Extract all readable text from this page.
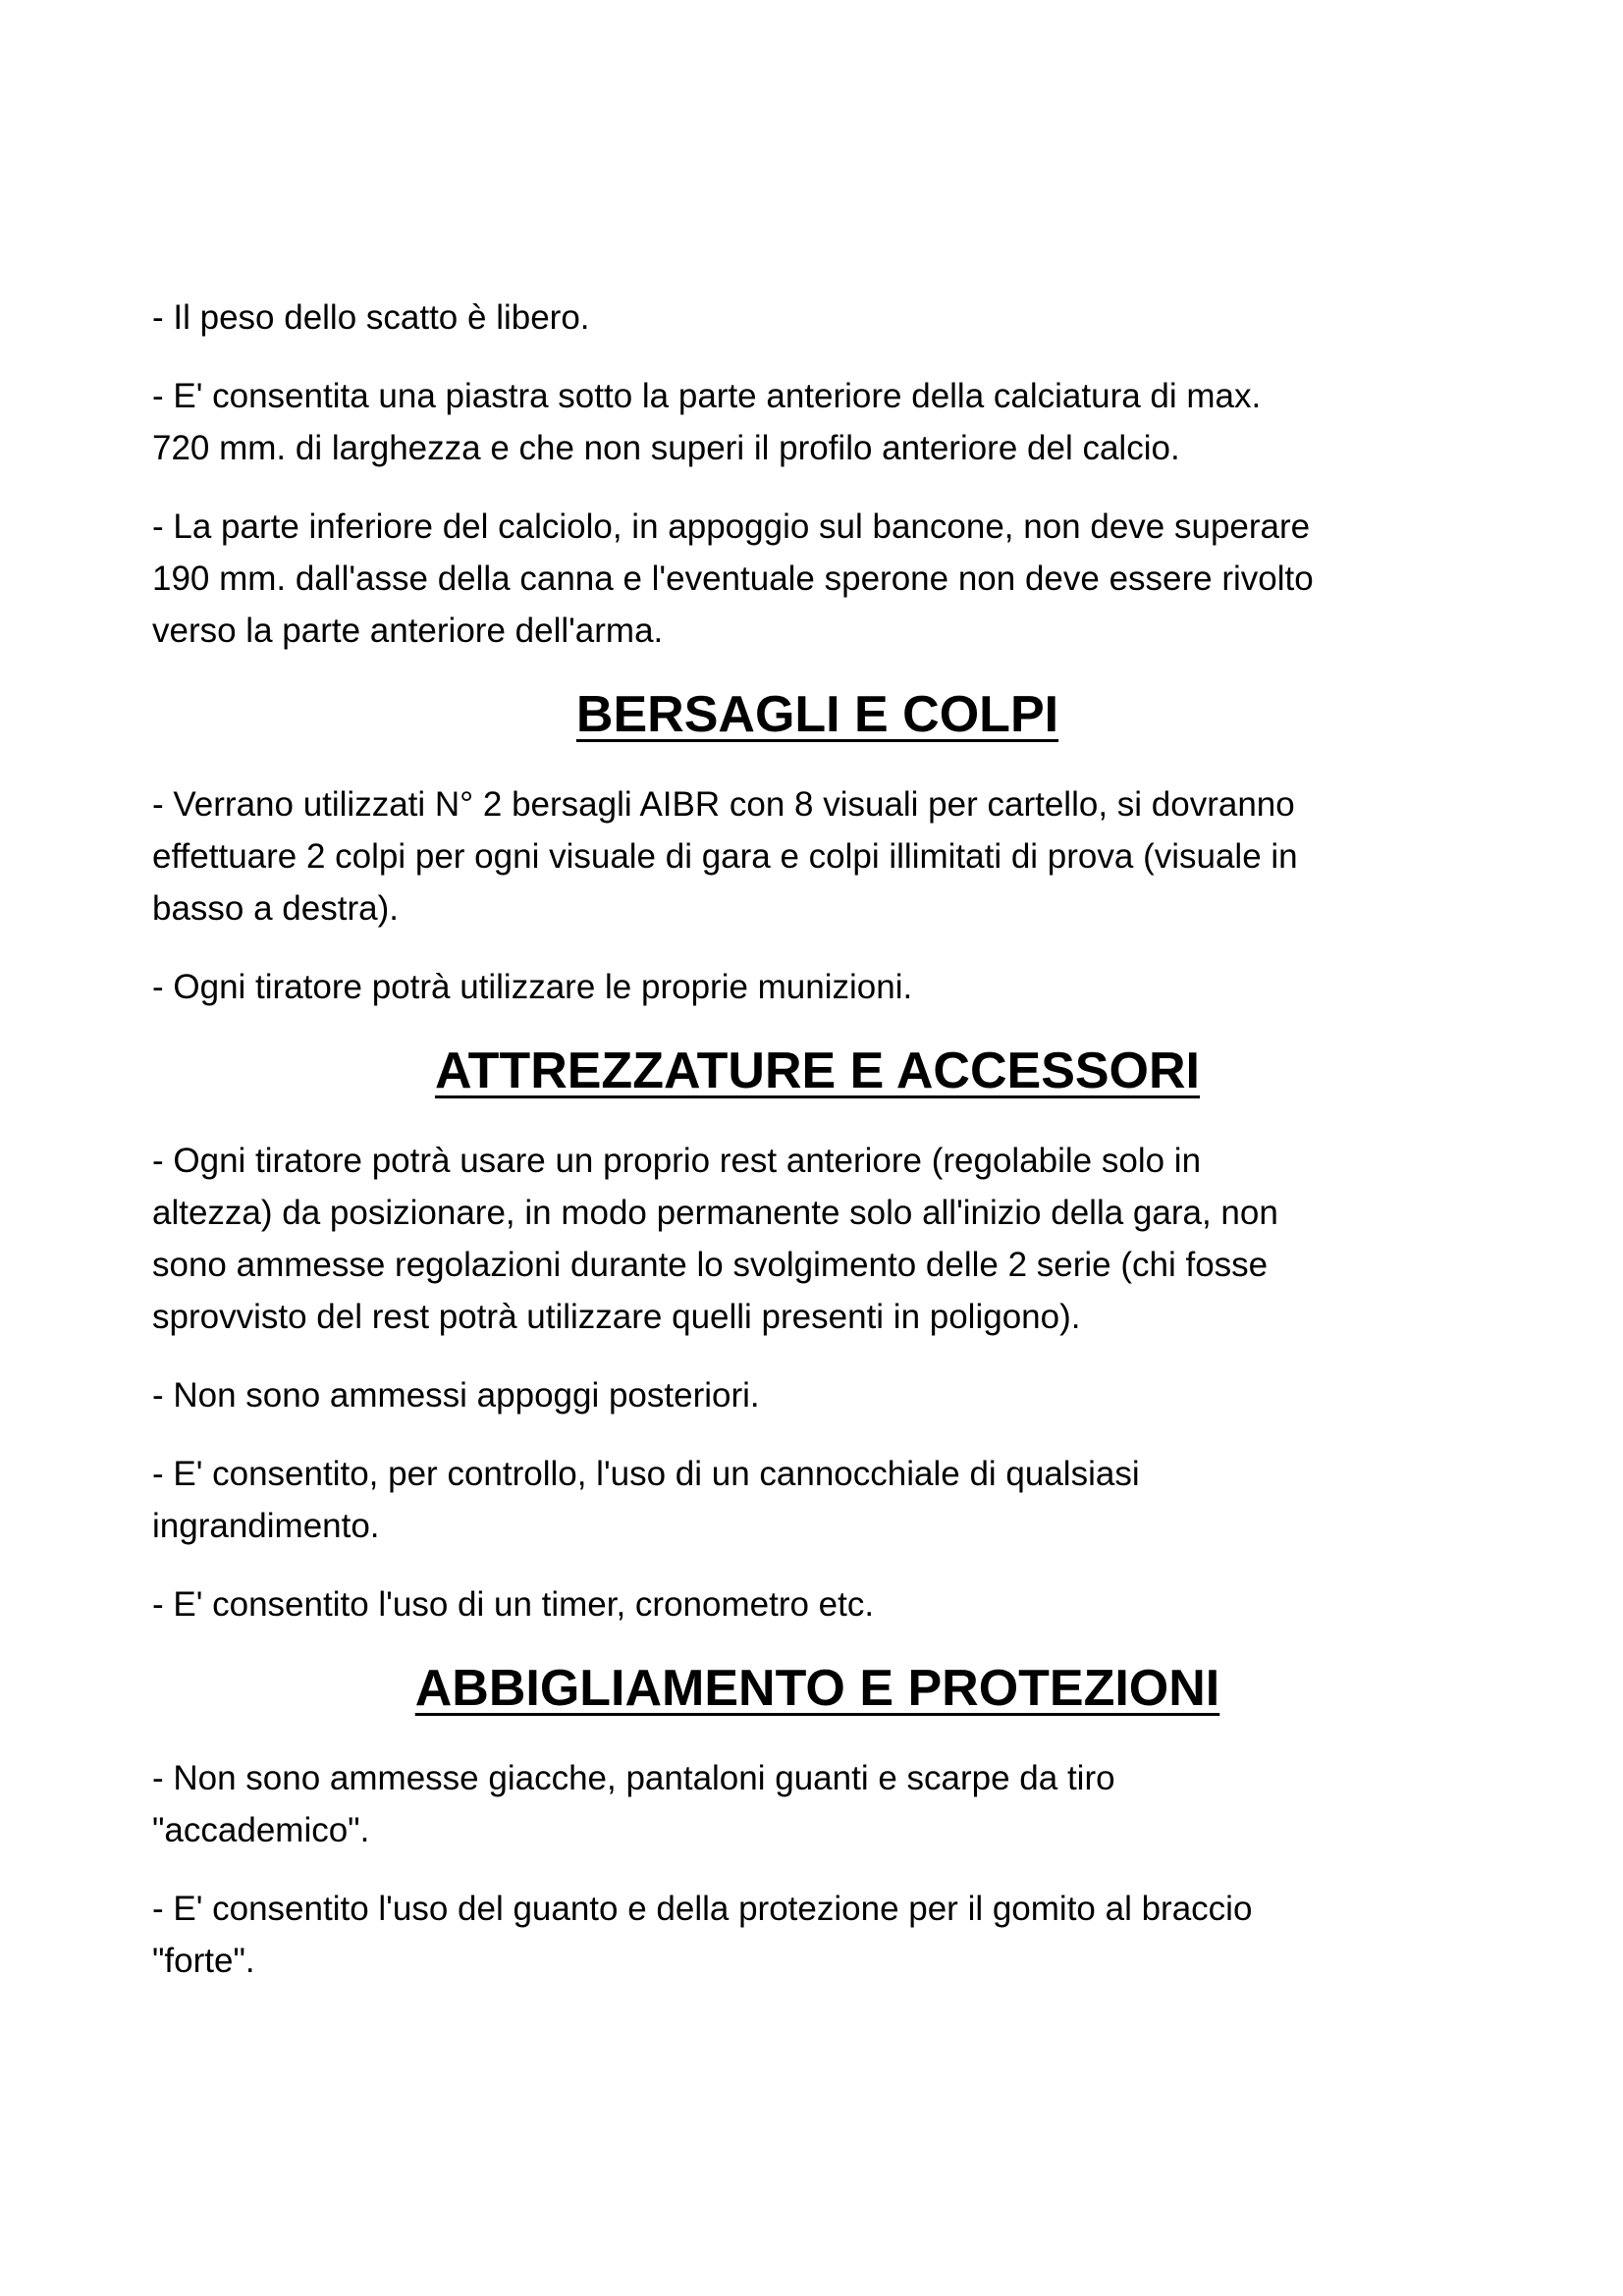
- Il peso dello scatto è libero.

- E' consentita una piastra sotto la parte anteriore della calciatura di max.
720 mm. di larghezza e che non superi il profilo anteriore del calcio.

- La parte inferiore del calciolo, in appoggio sul bancone, non deve superare
190 mm. dall'asse della canna e l'eventuale sperone non deve essere rivolto
verso la parte anteriore dell'arma.

BERSAGLI E COLPI

- Verrano utilizzati N° 2 bersagli AIBR con 8 visuali per cartello, si dovranno
effettuare 2 colpi per ogni visuale di gara e colpi illimitati di prova (visuale in
basso a destra).

- Ogni tiratore potrà utilizzare le proprie munizioni.

ATTREZZATURE E ACCESSORI

- Ogni tiratore potrà usare un proprio rest anteriore (regolabile solo in
altezza) da posizionare, in modo permanente solo all'inizio della gara, non
sono ammesse regolazioni durante lo svolgimento delle 2 serie (chi fosse
sprovvisto del rest potrà utilizzare quelli presenti in poligono).

- Non sono ammessi appoggi posteriori.

- E' consentito, per controllo, l'uso di un cannocchiale di qualsiasi
ingrandimento.

- E' consentito l'uso di un timer, cronometro etc.

ABBIGLIAMENTO E PROTEZIONI

- Non sono ammesse giacche, pantaloni guanti e scarpe da tiro
"accademico".

- E' consentito l'uso del guanto e della protezione per il gomito al braccio
"forte".
